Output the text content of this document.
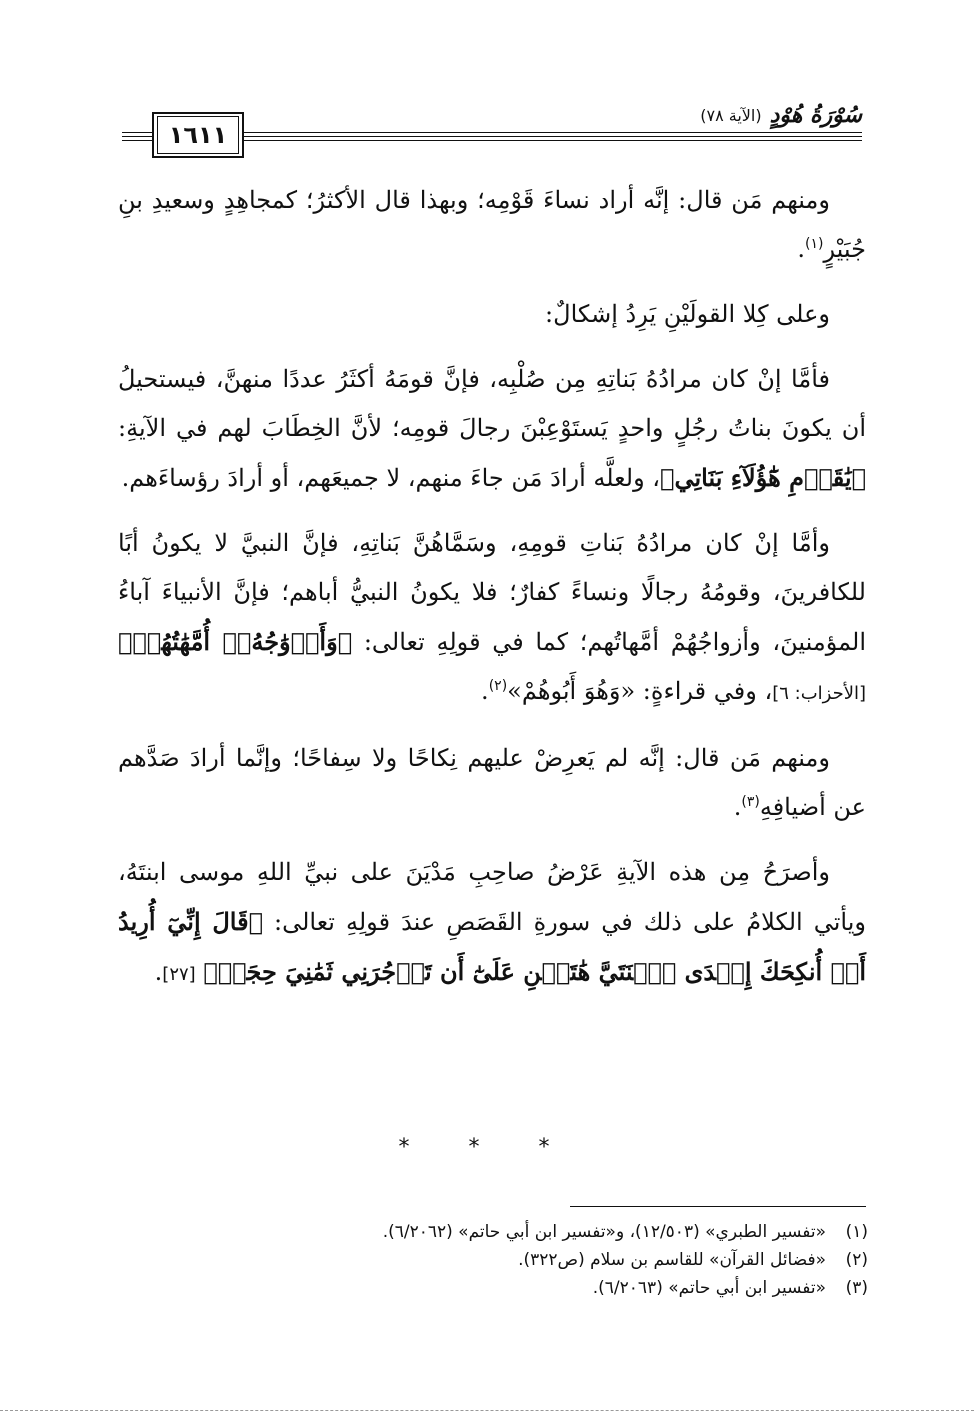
١٦١١
سُوْرَةُ هُوْدٍ
(الآية ٧٨)

ومنهم مَن قال: إنَّه أراد نساءَ قَوْمِه؛ وبهذا قال الأكثرُ؛ كمجاهِدٍ وسعيدِ بنِ جُبَيْرٍ$^{(١)}$.

وعلى كِلا القولَيْنِ يَرِدُ إشكالٌ:

فأمَّا إنْ كان مرادُهُ بَناتِهِ مِن صُلْبِه، فإنَّ قومَهُ أكثَرُ عددًا منهنَّ، فيستحيلُ أن يكونَ بناتُ رجُلٍ واحدٍ يَستَوْعِبْنَ رجالَ قومِه؛ لأنَّ الخِطَابَ لهم في الآيةِ: ﴿يَٰقَوۡمِ هَٰٓؤُلَآءِ بَنَاتِي﴾، ولعلَّه أرادَ مَن جاءَ منهم، لا جميعَهم، أو أرادَ رؤساءَهم.

وأمَّا إنْ كان مرادُهُ بَناتِ قومِهِ، وسَمَّاهُنَّ بَناتِهِ، فإنَّ النبيَّ لا يكونُ أبًا للكافرينَ، وقومُهُ رجالًا ونساءً كفارٌ؛ فلا يكونُ النبيُّ أباهم؛ فإنَّ الأنبياءَ آباءُ المؤمنينَ، وأزواجُهُمْ أمَّهاتُهم؛ كما في قولِهِ تعالى: ﴿وَأَزۡوَٰجُهُۥٓ أُمَّهَٰتُهُمۡ﴾ [الأحزاب: ٦]، وفي قراءةٍ: «وَهُوَ أَبُوهُمْ»$^{(٢)}$.

ومنهم مَن قال: إنَّه لم يَعرِضْ عليهم نِكاحًا ولا سِفاحًا؛ وإنَّما أرادَ صَدَّهم عن أضيافِهِ$^{(٣)}$.

وأصرَحُ مِن هذه الآيةِ عَرْضُ صاحِبِ مَدْيَنَ على نبيِّ اللهِ موسى ابنتَهُ، ويأتي الكلامُ على ذلك في سورةِ القَصَصِ عندَ قولِهِ تعالى: ﴿قَالَ إِنِّيٓ أُرِيدُ أَنۡ أُنكِحَكَ إِحۡدَى ٱبۡنَتَيَّ هَٰتَيۡنِ عَلَىٰٓ أَن تَأۡجُرَنِي ثَمَٰنِيَ حِجَجٖ﴾ [٢٧].

* * *
(١)
«تفسير الطبري» (١٢/٥٠٣)، و«تفسير ابن أبي حاتم» (٦/٢٠٦٢).
(٢)
«فضائل القرآن» للقاسم بن سلام (ص٣٢٢).
(٣)
«تفسير ابن أبي حاتم» (٦/٢٠٦٣).
